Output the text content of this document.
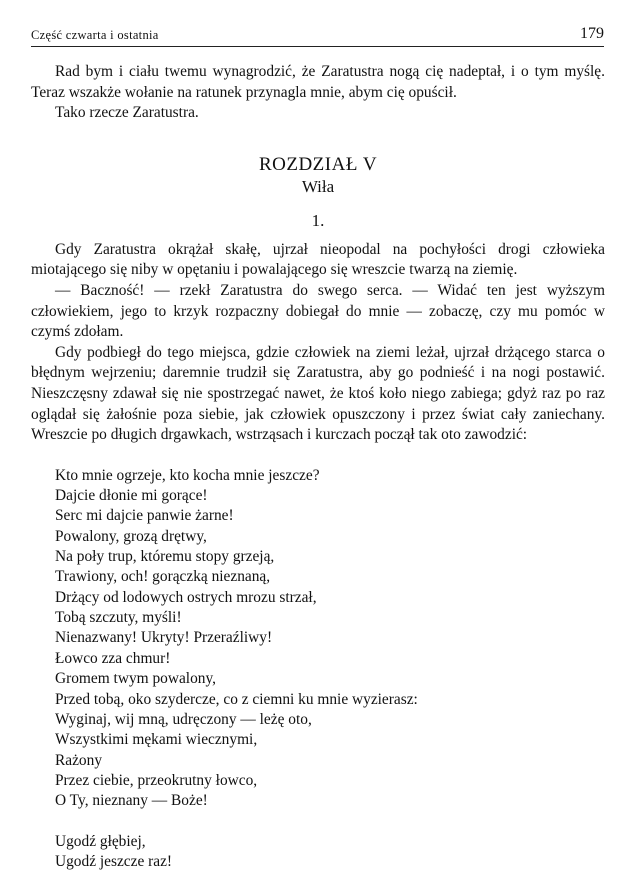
Część czwarta i ostatnia	179

Rad bym i ciału twemu wynagrodzić, że Zaratustra nogą cię nadeptał, i o tym myślę. Teraz wszakże wołanie na ratunek przynagla mnie, abym cię opuścił.

Tako rzecze Zaratustra.

ROZDZIAŁ V
Wiła
1.

Gdy Zaratustra okrążał skałę, ujrzał nieopodal na pochyłości drogi człowieka miotającego się niby w opętaniu i powalającego się wreszcie twarzą na ziemię.

— Baczność! — rzekł Zaratustra do swego serca. — Widać ten jest wyższym człowiekiem, jego to krzyk rozpaczny dobiegał do mnie — zobaczę, czy mu pomóc w czymś zdołam.

Gdy podbiegł do tego miejsca, gdzie człowiek na ziemi leżał, ujrzał drżącego starca o błędnym wejrzeniu; daremnie trudził się Zaratustra, aby go podnieść i na nogi postawić. Nieszczęsny zdawał się nie spostrzegać nawet, że ktoś koło niego zabiega; gdyż raz po raz oglądał się żałośnie poza siebie, jak człowiek opuszczony i przez świat cały zaniechany. Wreszcie po długich drgawkach, wstrząsach i kurczach począł tak oto zawodzić:

Kto mnie ogrzeje, kto kocha mnie jeszcze?
Dajcie dłonie mi gorące!
Serc mi dajcie panwie żarne!
Powalony, grozą drętwy,
Na poły trup, któremu stopy grzeją,
Trawiony, och! gorączką nieznaną,
Drżący od lodowych ostrych mrozu strzał,
Tobą szczuty, myśli!
Nienazwany! Ukryty! Przeraźliwy!
Łowco zza chmur!
Gromem twym powalony,
Przed tobą, oko szydercze, co z ciemni ku mnie wyzierasz:
Wyginaj, wij mną, udręczony — leżę oto,
Wszystkimi mękami wiecznymi,
Rażony
Przez ciebie, przeokrutny łowco,
O Ty, nieznany — Boże!
Ugodź głębiej,
Ugodź jeszcze raz!
